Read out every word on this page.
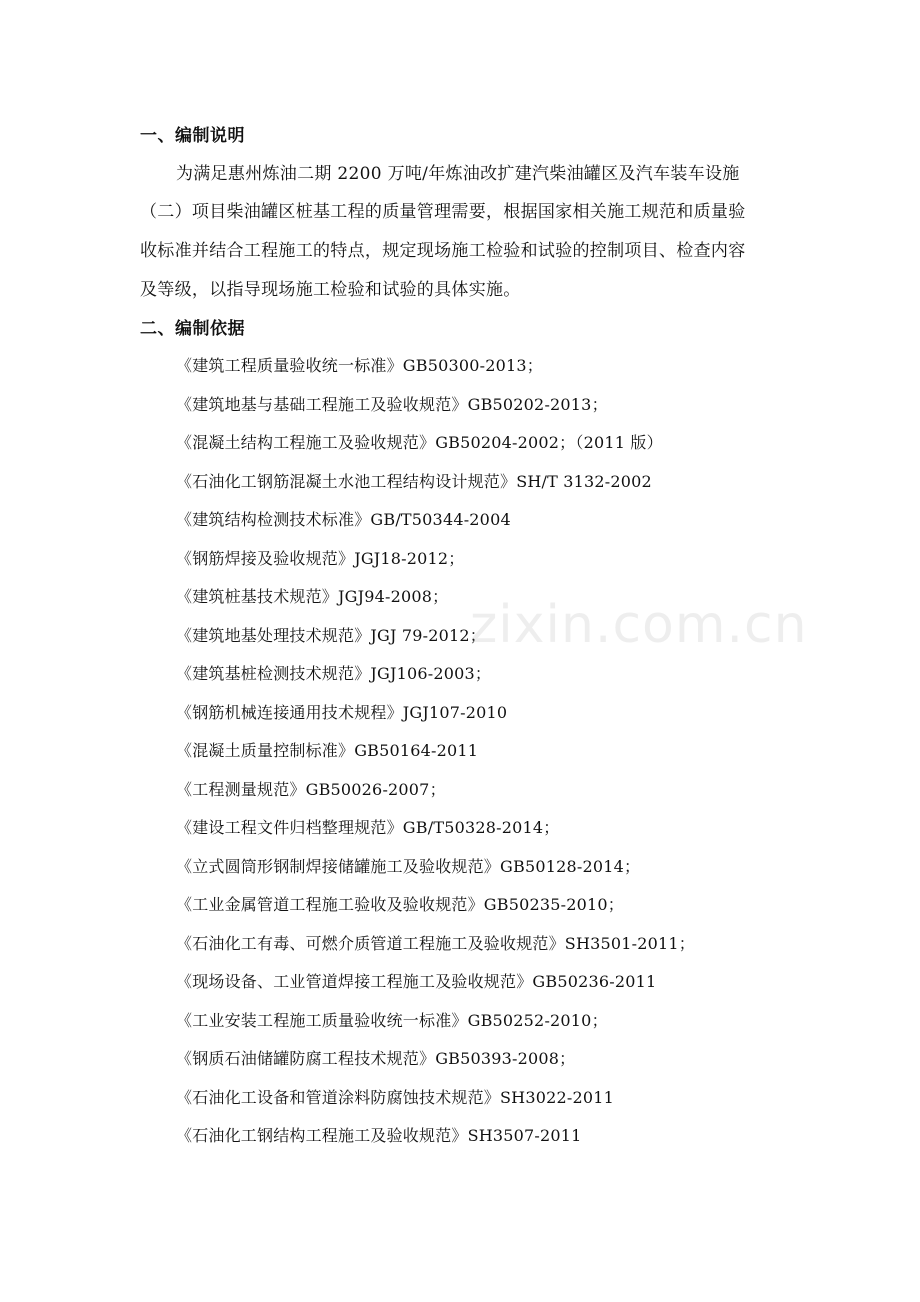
一、编制说明
为满足惠州炼油二期 2200 万吨/年炼油改扩建汽柴油罐区及汽车装车设施
（二）项目柴油罐区桩基工程的质量管理需要，根据国家相关施工规范和质量验
收标准并结合工程施工的特点，规定现场施工检验和试验的控制项目、检查内容
及等级，以指导现场施工检验和试验的具体实施。
二、编制依据
《建筑工程质量验收统一标准》GB50300-2013；
《建筑地基与基础工程施工及验收规范》GB50202-2013；
《混凝土结构工程施工及验收规范》GB50204-2002；（2011 版）
《石油化工钢筋混凝土水池工程结构设计规范》SH/T 3132-2002
《建筑结构检测技术标准》GB/T50344-2004
《钢筋焊接及验收规范》JGJ18-2012；
《建筑桩基技术规范》JGJ94-2008；
《建筑地基处理技术规范》JGJ 79-2012；
《建筑基桩检测技术规范》JGJ106-2003；
《钢筋机械连接通用技术规程》JGJ107-2010
《混凝土质量控制标准》GB50164-2011
《工程测量规范》GB50026-2007；
《建设工程文件归档整理规范》GB/T50328-2014；
《立式圆筒形钢制焊接储罐施工及验收规范》GB50128-2014；
《工业金属管道工程施工验收及验收规范》GB50235-2010；
《石油化工有毒、可燃介质管道工程施工及验收规范》SH3501-2011；
《现场设备、工业管道焊接工程施工及验收规范》GB50236-2011
《工业安装工程施工质量验收统一标准》GB50252-2010；
《钢质石油储罐防腐工程技术规范》GB50393-2008；
《石油化工设备和管道涂料防腐蚀技术规范》SH3022-2011
《石油化工钢结构工程施工及验收规范》SH3507-2011
zixin.com.cn
